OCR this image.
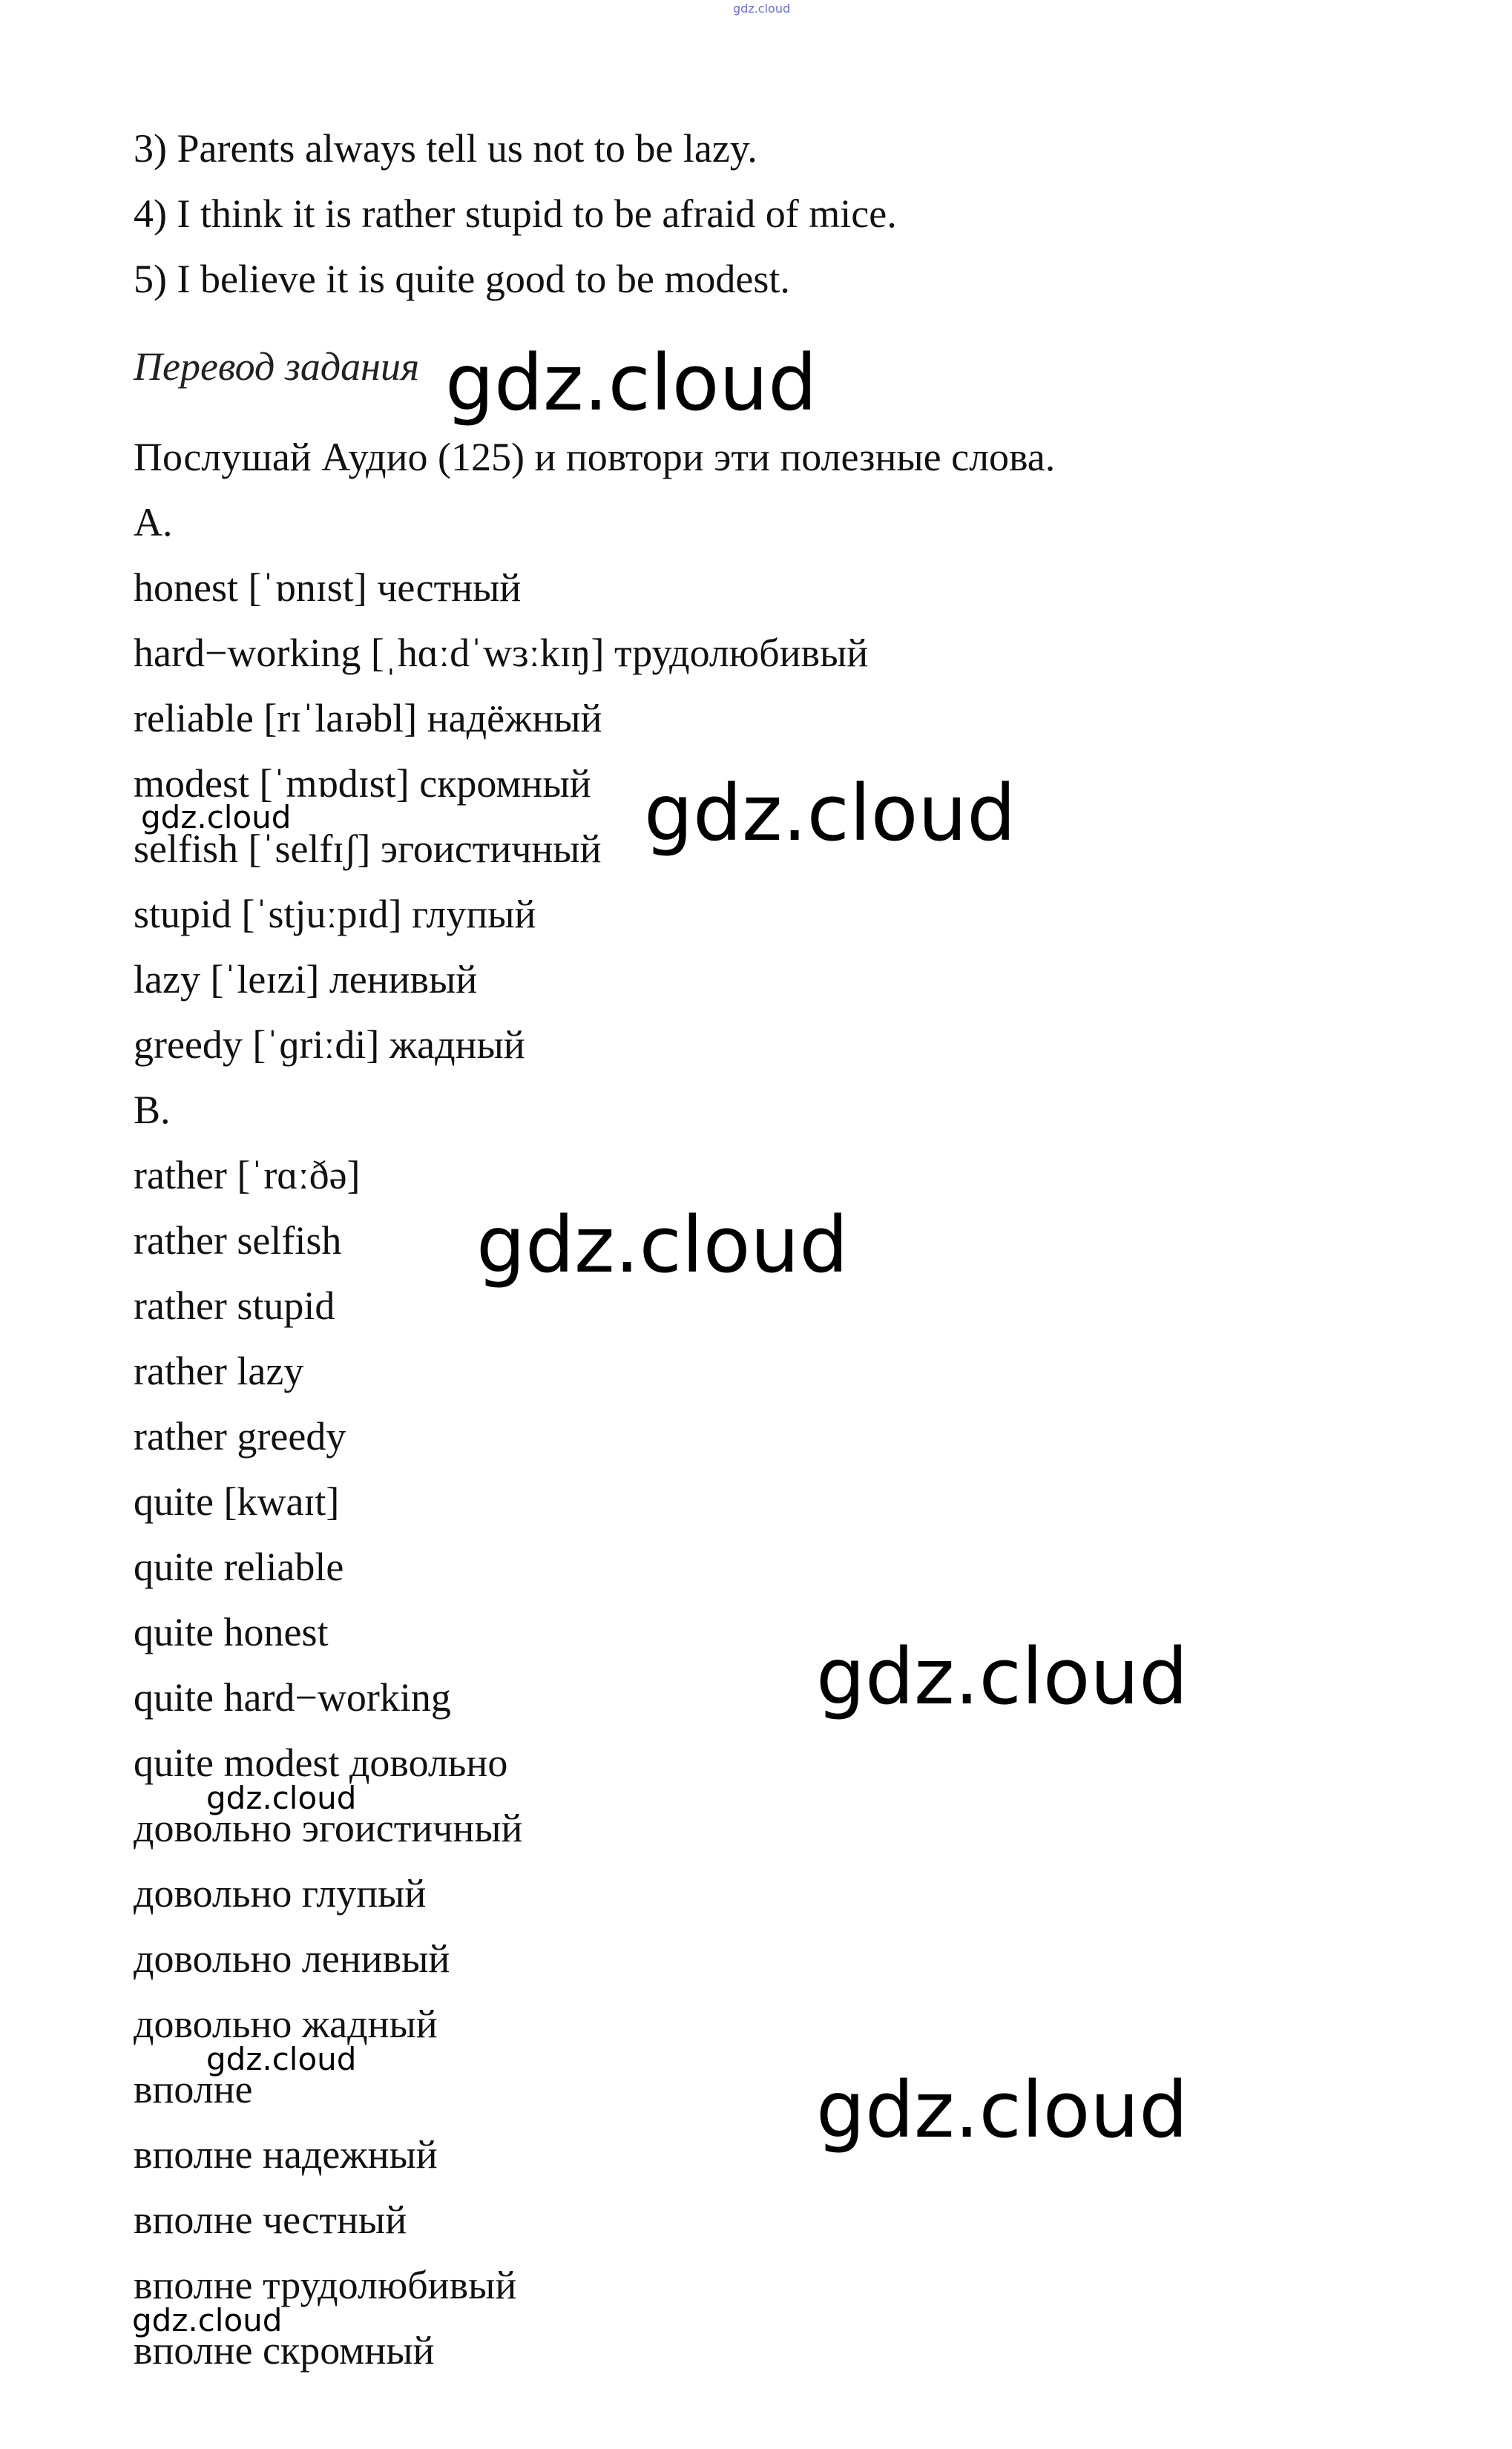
gdz.cloud
3) Parents always tell us not to be lazy.
4) I think it is rather stupid to be afraid of mice.
5) I believe it is quite good to be modest.
Перевод задания
Послушай Аудио (125) и повтори эти полезные слова.
A.
honest [ˈɒnɪst] честный
hard−working [ˌhɑːdˈwɜːkɪŋ] трудолюбивый
reliable [rɪˈlaɪəbl] надёжный
modest [ˈmɒdɪst] скромный
selfish [ˈselfɪʃ] эгоистичный
stupid [ˈstjuːpɪd] глупый
lazy [ˈleɪzi] ленивый
greedy [ˈɡriːdi] жадный
B.
rather [ˈrɑːðə]
rather selfish
rather stupid
rather lazy
rather greedy
quite [kwaɪt]
quite reliable
quite honest
quite hard−working
quite modest довольно
довольно эгоистичный
довольно глупый
довольно ленивый
довольно жадный
вполне
вполне надежный
вполне честный
вполне трудолюбивый
вполне скромный
gdz.cloud
gdz.cloud	gdz.cloud
gdz.cloud
gdz.cloud
gdz.cloud
gdz.cloud
gdz.cloud
gdz.cloud
